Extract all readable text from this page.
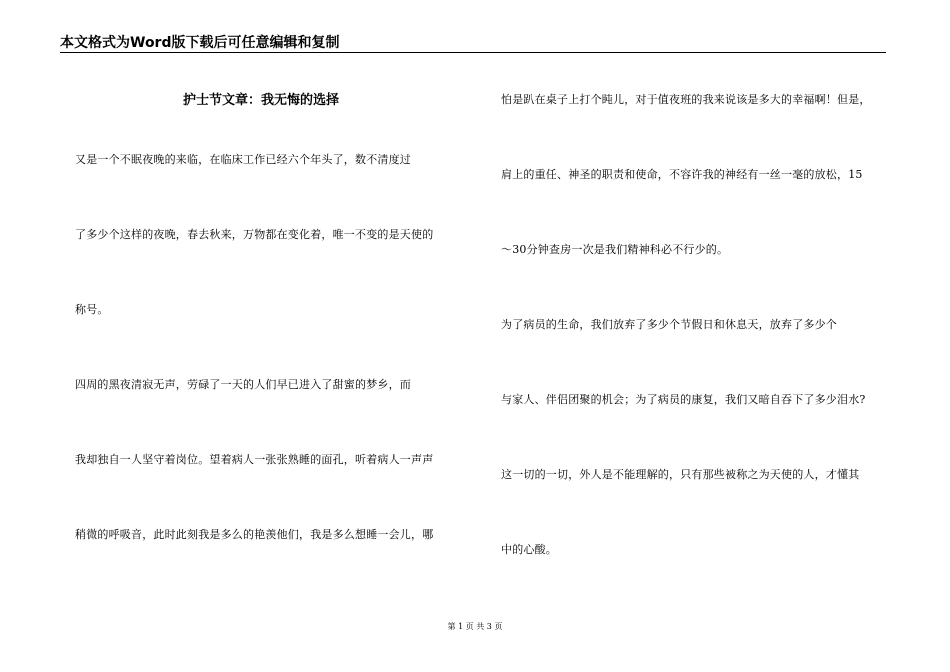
本文格式为Word版下载后可任意编辑和复制
护士节文章：我无悔的选择
又是一个不眠夜晚的来临，在临床工作已经六个年头了，数不清度过
了多少个这样的夜晚，春去秋来，万物都在变化着，唯一不变的是天使的
称号。
四周的黑夜清寂无声，劳碌了一天的人们早已进入了甜蜜的梦乡，而
我却独自一人坚守着岗位。望着病人一张张熟睡的面孔，听着病人一声声
稍微的呼吸音，此时此刻我是多么的艳羡他们，我是多么想睡一会儿，哪
怕是趴在桌子上打个盹儿，对于值夜班的我来说该是多大的幸福啊！但是，
肩上的重任、神圣的职责和使命，不容许我的神经有一丝一毫的放松，15
～30分钟查房一次是我们精神科必不行少的。
为了病员的生命，我们放弃了多少个节假日和休息天，放弃了多少个
与家人、伴侣团聚的机会；为了病员的康复，我们又暗自吞下了多少泪水?
这一切的一切，外人是不能理解的，只有那些被称之为天使的人，才懂其
中的心酸。
第 1 页 共 3 页
